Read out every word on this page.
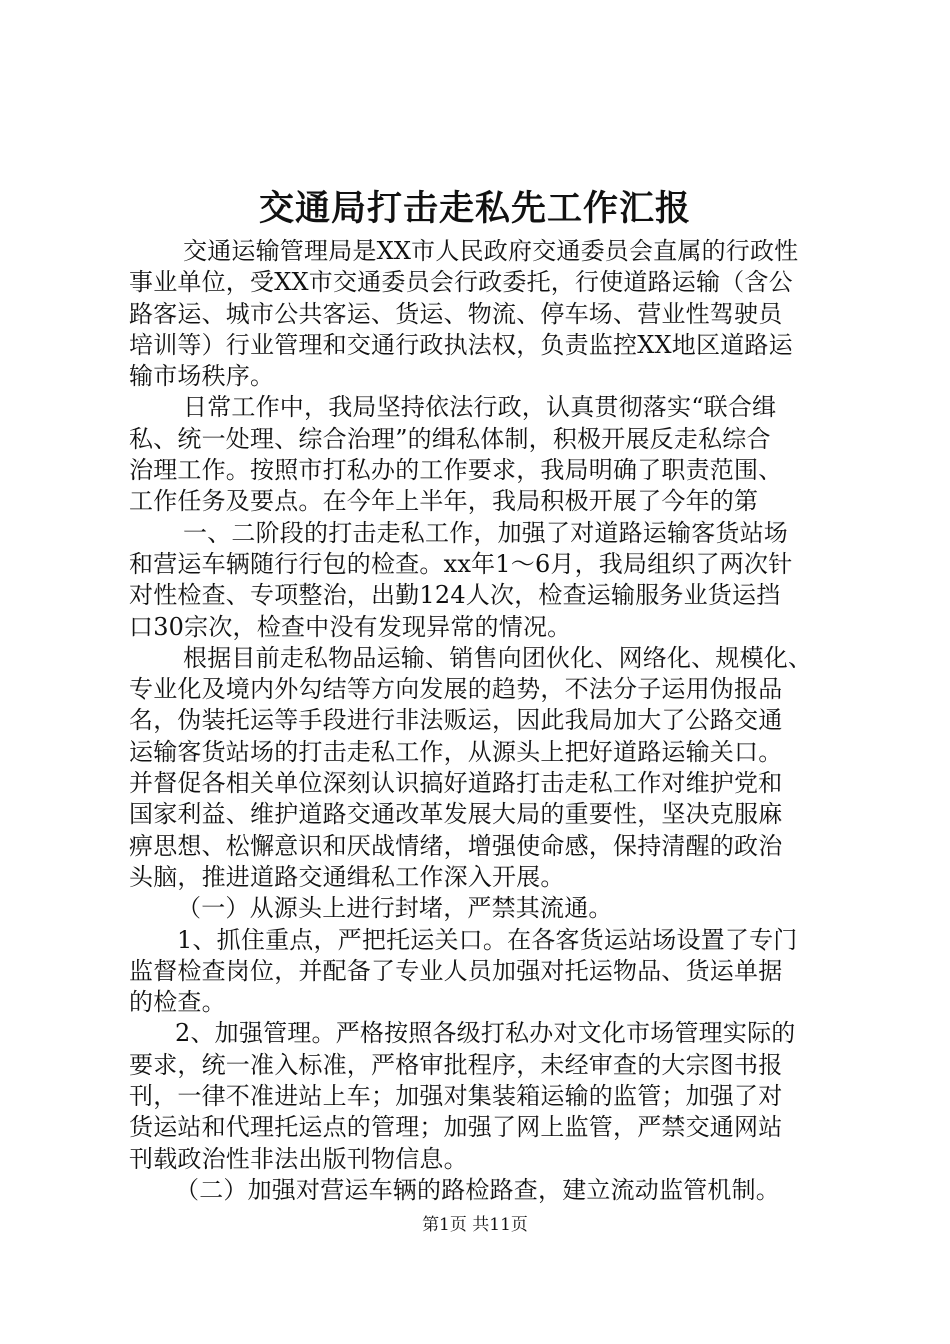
交通局打击走私先工作汇报
交通运输管理局是XX市人民政府交通委员会直属的行政性
事业单位，受XX市交通委员会行政委托，行使道路运输（含公
路客运、城市公共客运、货运、物流、停车场、营业性驾驶员
培训等）行业管理和交通行政执法权，负责监控XX地区道路运
输市场秩序。
日常工作中，我局坚持依法行政，认真贯彻落实“联合缉
私、统一处理、综合治理”的缉私体制，积极开展反走私综合
治理工作。按照市打私办的工作要求，我局明确了职责范围、
工作任务及要点。在今年上半年，我局积极开展了今年的第
一、二阶段的打击走私工作，加强了对道路运输客货站场
和营运车辆随行行包的检查。xx年1～6月，我局组织了两次针
对性检查、专项整治，出勤124人次，检查运输服务业货运挡
口30宗次，检查中没有发现异常的情况。
根据目前走私物品运输、销售向团伙化、网络化、规模化、
专业化及境内外勾结等方向发展的趋势，不法分子运用伪报品
名，伪装托运等手段进行非法贩运，因此我局加大了公路交通
运输客货站场的打击走私工作，从源头上把好道路运输关口。
并督促各相关单位深刻认识搞好道路打击走私工作对维护党和
国家利益、维护道路交通改革发展大局的重要性，坚决克服麻
痹思想、松懈意识和厌战情绪，增强使命感，保持清醒的政治
头脑，推进道路交通缉私工作深入开展。
（一）从源头上进行封堵，严禁其流通。
1、抓住重点，严把托运关口。在各客货运站场设置了专门
监督检查岗位，并配备了专业人员加强对托运物品、货运单据
的检查。
2、加强管理。严格按照各级打私办对文化市场管理实际的
要求，统一准入标准，严格审批程序，未经审查的大宗图书报
刊，一律不准进站上车；加强对集装箱运输的监管；加强了对
货运站和代理托运点的管理；加强了网上监管，严禁交通网站
刊载政治性非法出版刊物信息。
（二）加强对营运车辆的路检路查，建立流动监管机制。
第1页 共11页
